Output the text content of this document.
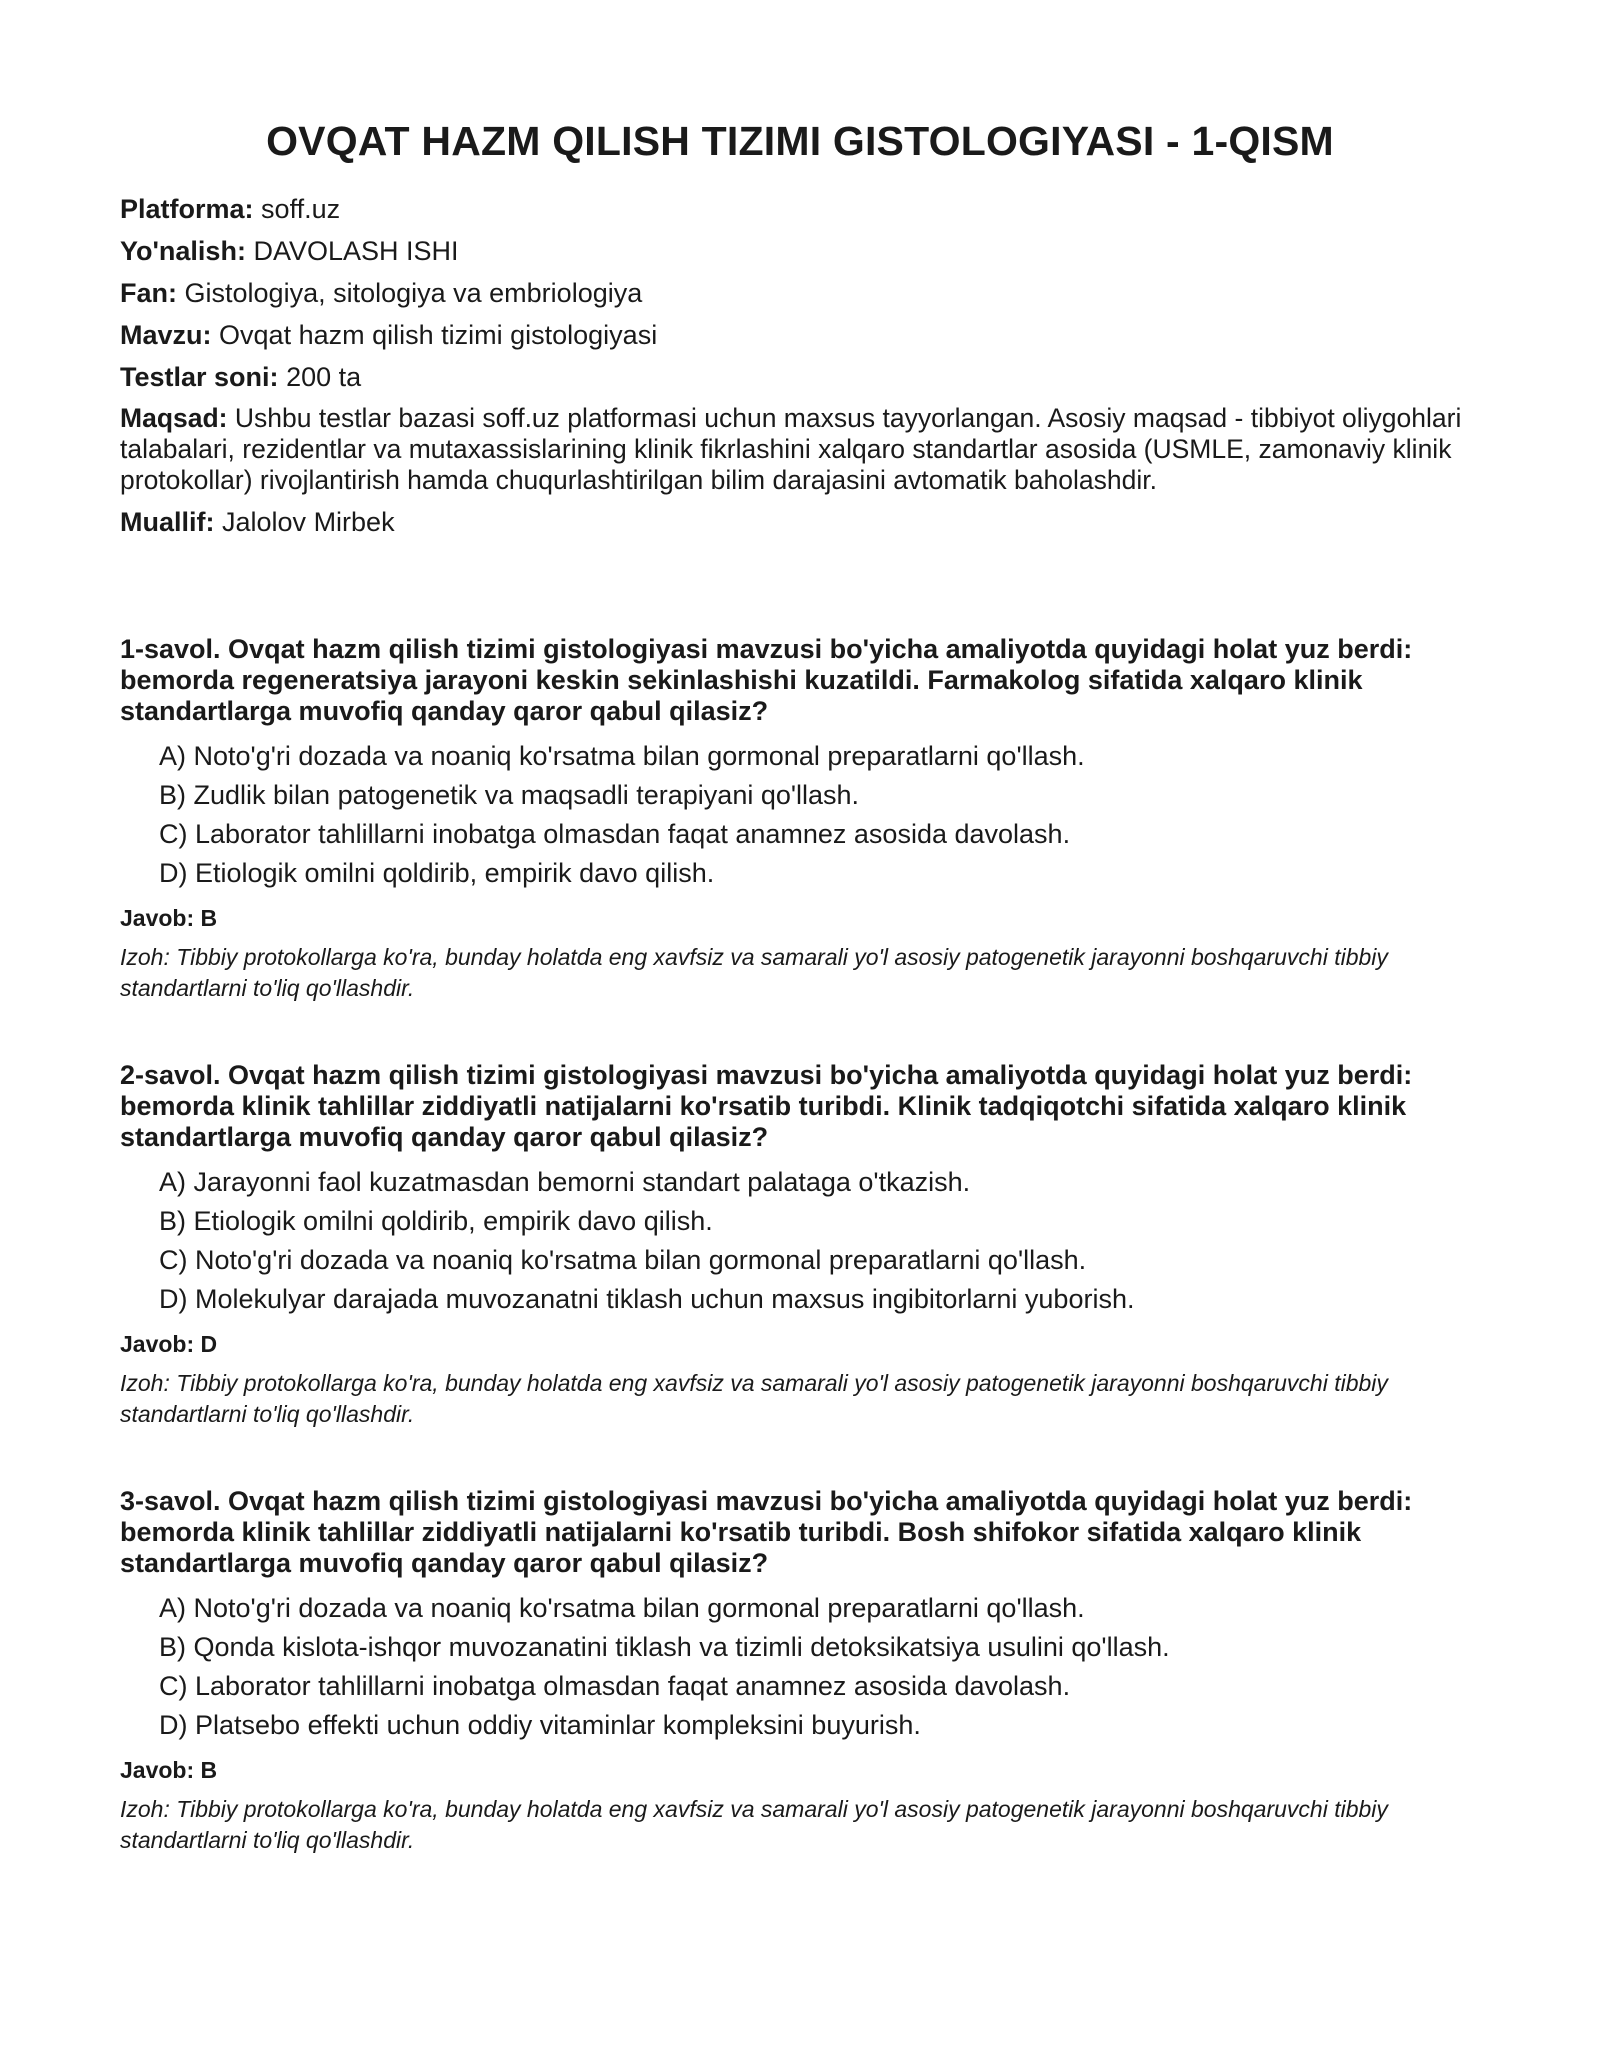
OVQAT HAZM QILISH TIZIMI GISTOLOGIYASI - 1-QISM

Platforma: soff.uz

Yo'nalish: DAVOLASH ISHI

Fan: Gistologiya, sitologiya va embriologiya

Mavzu: Ovqat hazm qilish tizimi gistologiyasi

Testlar soni: 200 ta

Maqsad: Ushbu testlar bazasi soff.uz platformasi uchun maxsus tayyorlangan. Asosiy maqsad - tibbiyot oliygohlari talabalari, rezidentlar va mutaxassislarining klinik fikrlashini xalqaro standartlar asosida (USMLE, zamonaviy klinik protokollar) rivojlantirish hamda chuqurlashtirilgan bilim darajasini avtomatik baholashdir.

Muallif: Jalolov Mirbek

1-savol. Ovqat hazm qilish tizimi gistologiyasi mavzusi bo'yicha amaliyotda quyidagi holat yuz berdi: bemorda regeneratsiya jarayoni keskin sekinlashishi kuzatildi. Farmakolog sifatida xalqaro klinik standartlarga muvofiq qanday qaror qabul qilasiz?

A) Noto'g'ri dozada va noaniq ko'rsatma bilan gormonal preparatlarni qo'llash.
B) Zudlik bilan patogenetik va maqsadli terapiyani qo'llash.
C) Laborator tahlillarni inobatga olmasdan faqat anamnez asosida davolash.
D) Etiologik omilni qoldirib, empirik davo qilish.

Javob: B

Izoh: Tibbiy protokollarga ko'ra, bunday holatda eng xavfsiz va samarali yo'l asosiy patogenetik jarayonni boshqaruvchi tibbiy standartlarni to'liq qo'llashdir.

2-savol. Ovqat hazm qilish tizimi gistologiyasi mavzusi bo'yicha amaliyotda quyidagi holat yuz berdi: bemorda klinik tahlillar ziddiyatli natijalarni ko'rsatib turibdi. Klinik tadqiqotchi sifatida xalqaro klinik standartlarga muvofiq qanday qaror qabul qilasiz?

A) Jarayonni faol kuzatmasdan bemorni standart palataga o'tkazish.
B) Etiologik omilni qoldirib, empirik davo qilish.
C) Noto'g'ri dozada va noaniq ko'rsatma bilan gormonal preparatlarni qo'llash.
D) Molekulyar darajada muvozanatni tiklash uchun maxsus ingibitorlarni yuborish.

Javob: D

Izoh: Tibbiy protokollarga ko'ra, bunday holatda eng xavfsiz va samarali yo'l asosiy patogenetik jarayonni boshqaruvchi tibbiy standartlarni to'liq qo'llashdir.

3-savol. Ovqat hazm qilish tizimi gistologiyasi mavzusi bo'yicha amaliyotda quyidagi holat yuz berdi: bemorda klinik tahlillar ziddiyatli natijalarni ko'rsatib turibdi. Bosh shifokor sifatida xalqaro klinik standartlarga muvofiq qanday qaror qabul qilasiz?

A) Noto'g'ri dozada va noaniq ko'rsatma bilan gormonal preparatlarni qo'llash.
B) Qonda kislota-ishqor muvozanatini tiklash va tizimli detoksikatsiya usulini qo'llash.
C) Laborator tahlillarni inobatga olmasdan faqat anamnez asosida davolash.
D) Platsebo effekti uchun oddiy vitaminlar kompleksini buyurish.

Javob: B

Izoh: Tibbiy protokollarga ko'ra, bunday holatda eng xavfsiz va samarali yo'l asosiy patogenetik jarayonni boshqaruvchi tibbiy standartlarni to'liq qo'llashdir.
